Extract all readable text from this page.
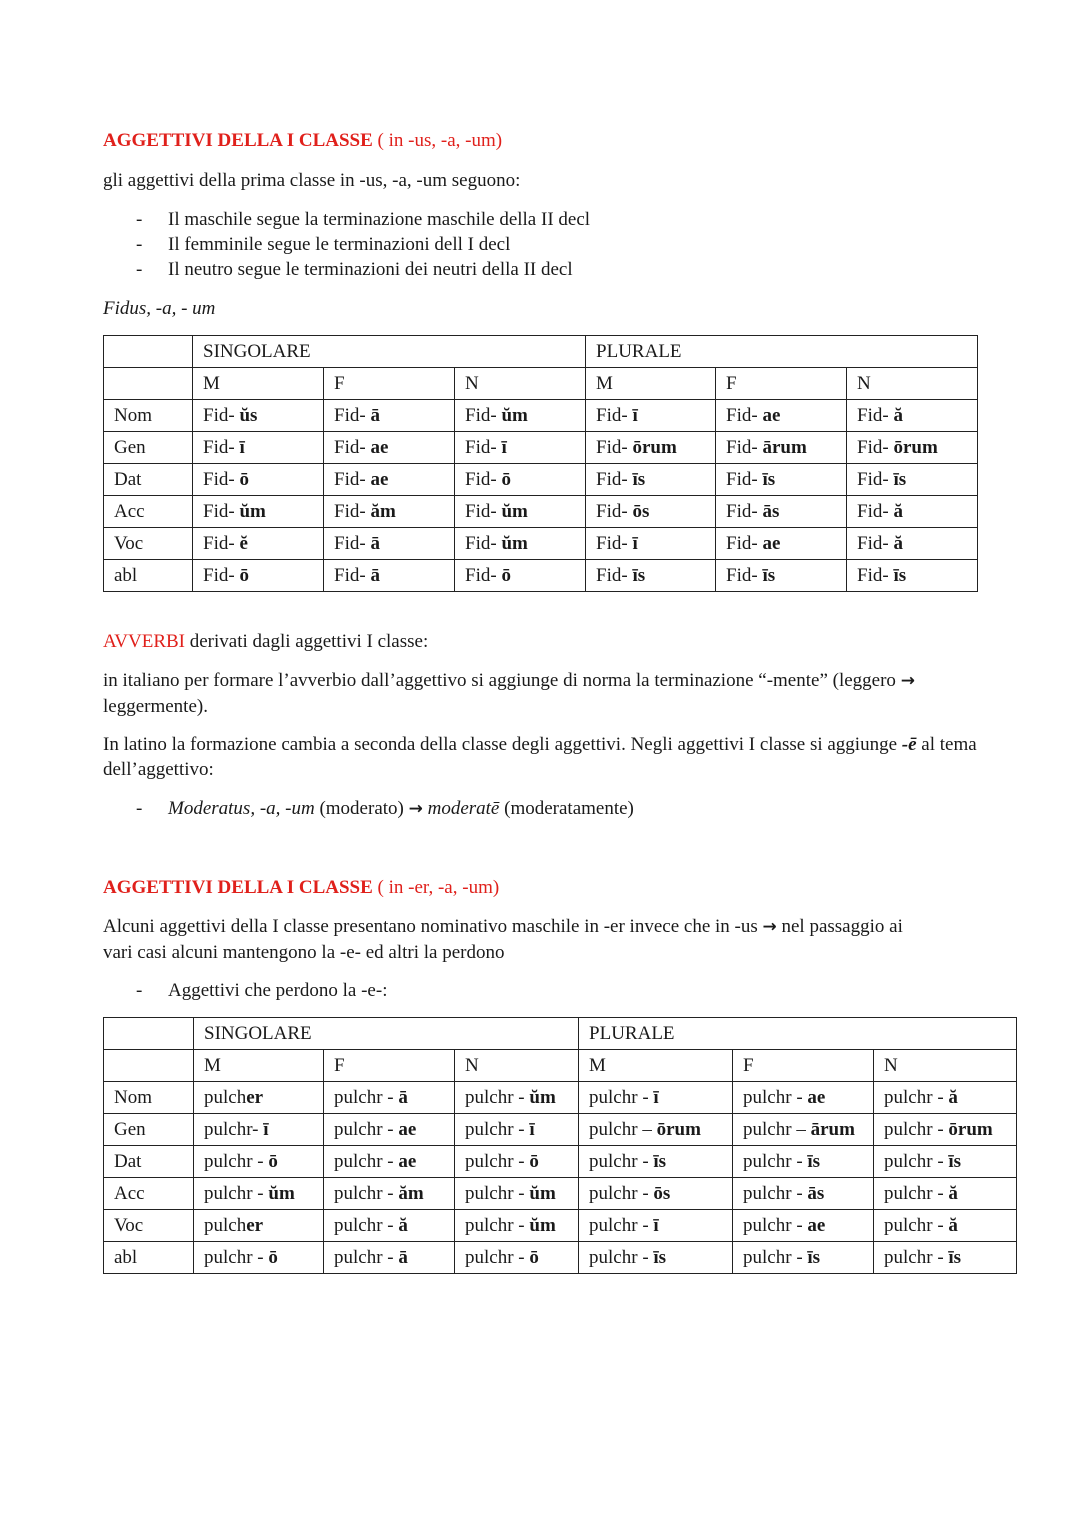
AGGETTIVI DELLA I CLASSE ( in -us, -a, -um)

gli aggettivi della prima classe in -us, -a, -um seguono:

- Il maschile segue la terminazione maschile della II decl
- Il femminile segue le terminazioni dell I decl
- Il neutro segue le terminazioni dei neutri della II decl

Fidus, -a, - um

	SINGOLARE			PLURALE		
	M	F	N	M	F	N
Nom	Fid- ŭs	Fid- ā	Fid- ŭm	Fid- ī	Fid- ae	Fid- ă
Gen	Fid- ī	Fid- ae	Fid- ī	Fid- ōrum	Fid- ārum	Fid- ōrum
Dat	Fid- ō	Fid- ae	Fid- ō	Fid- īs	Fid- īs	Fid- īs
Acc	Fid- ŭm	Fid- ăm	Fid- ŭm	Fid- ōs	Fid- ās	Fid- ă
Voc	Fid- ĕ	Fid- ā	Fid- ŭm	Fid- ī	Fid- ae	Fid- ă
abl	Fid- ō	Fid- ā	Fid- ō	Fid- īs	Fid- īs	Fid- īs
AVVERBI derivati dagli aggettivi I classe:

in italiano per formare l’avverbio dall’aggettivo si aggiunge di norma la terminazione “-mente” (leggero →
leggermente).

In latino la formazione cambia a seconda della classe degli aggettivi. Negli aggettivi I classe si aggiunge -ē al tema dell’aggettivo:

- Moderatus, -a, -um (moderato) → moderatē (moderatamente)
AGGETTIVI DELLA I CLASSE ( in -er, -a, -um)

Alcuni aggettivi della I classe presentano nominativo maschile in -er invece che in -us → nel passaggio ai
vari casi alcuni mantengono la -e- ed altri la perdono

- Aggettivi che perdono la -e-:
	SINGOLARE			PLURALE		
	M	F	N	M	F	N
Nom	pulcher	pulchr - ā	pulchr - ŭm	pulchr - ī	pulchr - ae	pulchr - ă
Gen	pulchr- ī	pulchr - ae	pulchr - ī	pulchr – ōrum	pulchr – ārum	pulchr - ōrum
Dat	pulchr - ō	pulchr - ae	pulchr - ō	pulchr - īs	pulchr - īs	pulchr - īs
Acc	pulchr - ŭm	pulchr - ăm	pulchr - ŭm	pulchr - ōs	pulchr - ās	pulchr - ă
Voc	pulcher	pulchr - ă	pulchr - ŭm	pulchr - ī	pulchr - ae	pulchr - ă
abl	pulchr - ō	pulchr - ā	pulchr - ō	pulchr - īs	pulchr - īs	pulchr - īs
